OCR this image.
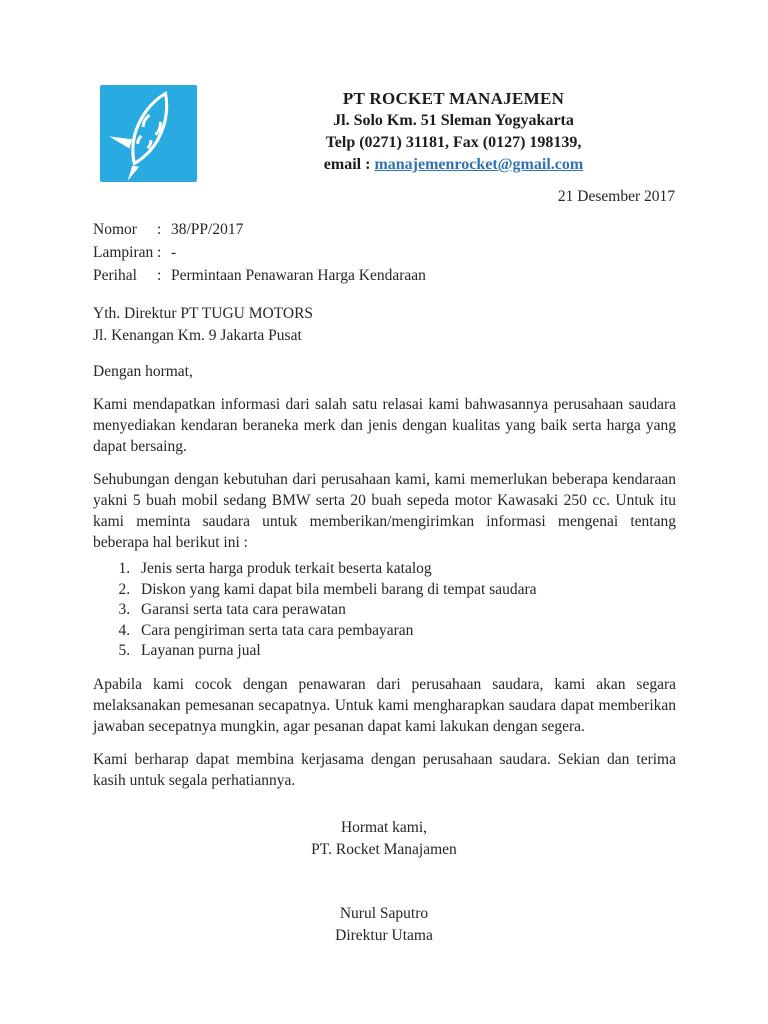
PT ROCKET MANAJEMEN
Jl. Solo Km. 51 Sleman Yogyakarta
Telp (0271) 31181, Fax (0127) 198139,
email : manajemenrocket@gmail.com
21 Desember 2017
Nomor	: 38/PP/2017
Lampiran : -
Perihal	: Permintaan Penawaran Harga Kendaraan
Yth. Direktur PT TUGU MOTORS
Jl. Kenangan Km. 9 Jakarta Pusat
Dengan hormat,

Kami mendapatkan informasi dari salah satu relasai kami bahwasannya perusahaan saudara menyediakan kendaran beraneka merk dan jenis dengan kualitas yang baik serta harga yang dapat bersaing.

Sehubungan dengan kebutuhan dari perusahaan kami, kami memerlukan beberapa kendaraan yakni 5 buah mobil sedang BMW serta 20 buah sepeda motor Kawasaki 250 cc. Untuk itu kami meminta saudara untuk memberikan/mengirimkan informasi mengenai tentang beberapa hal berikut ini :

1. Jenis serta harga produk terkait beserta katalog
2. Diskon yang kami dapat bila membeli barang di tempat saudara
3. Garansi serta tata cara perawatan
4. Cara pengiriman serta tata cara pembayaran
5. Layanan purna jual

Apabila kami cocok dengan penawaran dari perusahaan saudara, kami akan segara melaksanakan pemesanan secapatnya. Untuk kami mengharapkan saudara dapat memberikan jawaban secepatnya mungkin, agar pesanan dapat kami lakukan dengan segera.

Kami berharap dapat membina kerjasama dengan perusahaan saudara. Sekian dan terima kasih untuk segala perhatiannya.

Hormat kami,
PT. Rocket Manajamen
Nurul Saputro
Direktur Utama
